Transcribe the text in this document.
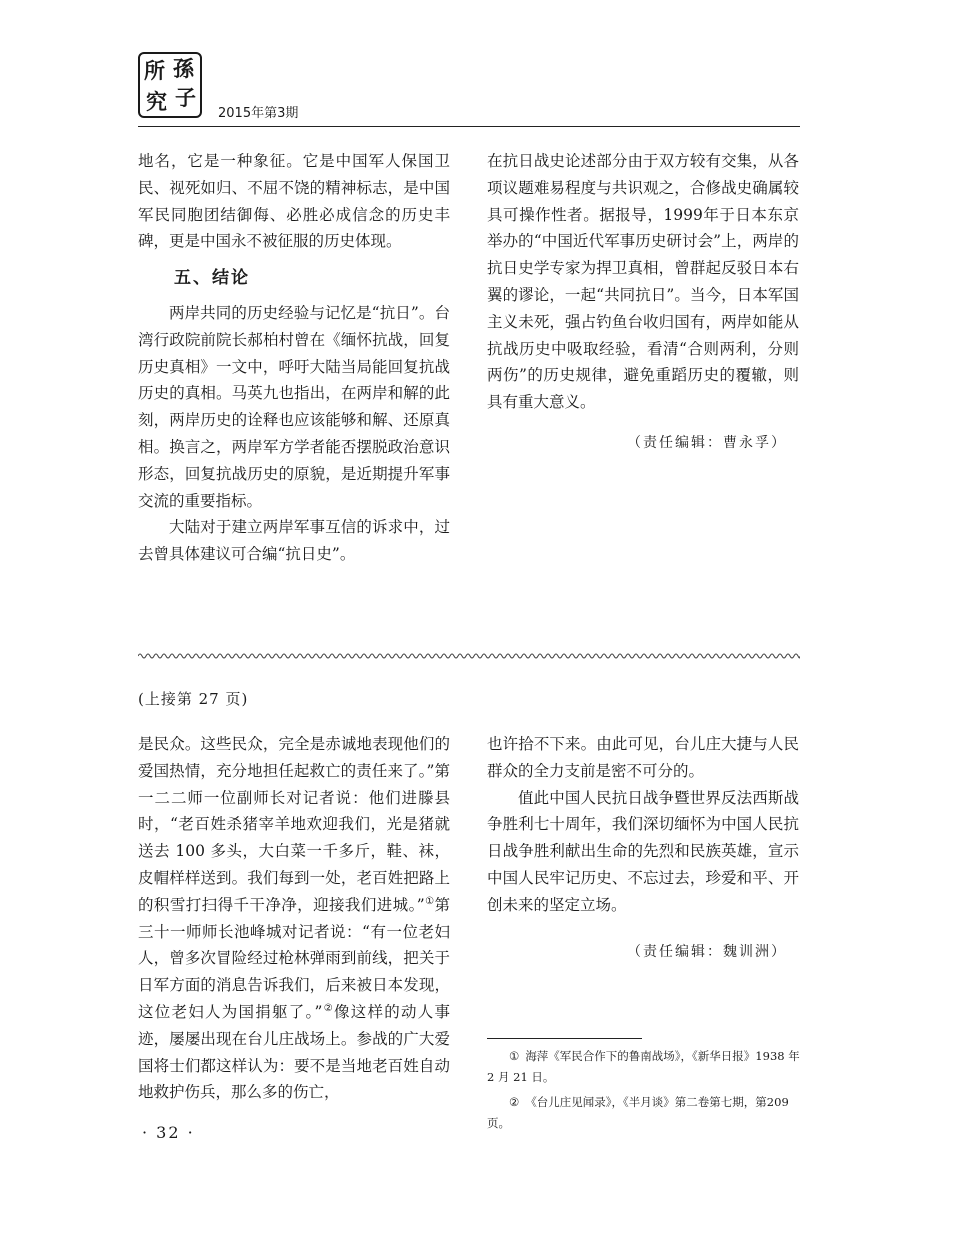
所 孫
究 子
2015年第3期

地名，它是一种象征。它是中国军人保国卫民、视死如归、不屈不饶的精神标志，是中国军民同胞团结御侮、必胜必成信念的历史丰碑，更是中国永不被征服的历史体现。

五、结论

两岸共同的历史经验与记忆是“抗日”。台湾行政院前院长郝柏村曾在《缅怀抗战，回复历史真相》一文中，呼吁大陆当局能回复抗战历史的真相。马英九也指出，在两岸和解的此刻，两岸历史的诠释也应该能够和解、还原真相。换言之，两岸军方学者能否摆脱政治意识形态，回复抗战历史的原貌，是近期提升军事交流的重要指标。

大陆对于建立两岸军事互信的诉求中，过去曾具体建议可合编“抗日史”。

在抗日战史论述部分由于双方较有交集，从各项议题难易程度与共识观之，合修战史确属较具可操作性者。据报导，1999年于日本东京举办的“中国近代军事历史研讨会”上，两岸的抗日史学专家为捍卫真相，曾群起反驳日本右翼的谬论，一起“共同抗日”。当今，日本军国主义未死，强占钓鱼台收归国有，两岸如能从抗战历史中吸取经验，看清“合则两利，分则两伤”的历史规律，避免重蹈历史的覆辙，则具有重大意义。

（责任编辑：曹永孚）

(上接第 27 页)

是民众。这些民众，完全是赤诚地表现他们的爱国热情，充分地担任起救亡的责任来了。”第一二二师一位副师长对记者说：他们进滕县时，“老百姓杀猪宰羊地欢迎我们，光是猪就送去 100 多头，大白菜一千多斤，鞋、袜，皮帽样样送到。我们每到一处，老百姓把路上的积雪打扫得千干净净，迎接我们进城。”①第三十一师师长池峰城对记者说：“有一位老妇人，曾多次冒险经过枪林弹雨到前线，把关于日军方面的消息告诉我们，后来被日本发现，这位老妇人为国捐躯了。”②像这样的动人事迹，屡屡出现在台儿庄战场上。参战的广大爱国将士们都这样认为：要不是当地老百姓自动地救护伤兵，那么多的伤亡，

也许拾不下来。由此可见，台儿庄大捷与人民群众的全力支前是密不可分的。

值此中国人民抗日战争暨世界反法西斯战争胜利七十周年，我们深切缅怀为中国人民抗日战争胜利献出生命的先烈和民族英雄，宣示中国人民牢记历史、不忘过去，珍爱和平、开创未来的坚定立场。

（责任编辑：魏训洲）

① 海萍《军民合作下的鲁南战场》，《新华日报》1938 年 2 月 21 日。

② 《台儿庄见闻录》，《半月谈》第二卷第七期，第209页。

· 32 ·
